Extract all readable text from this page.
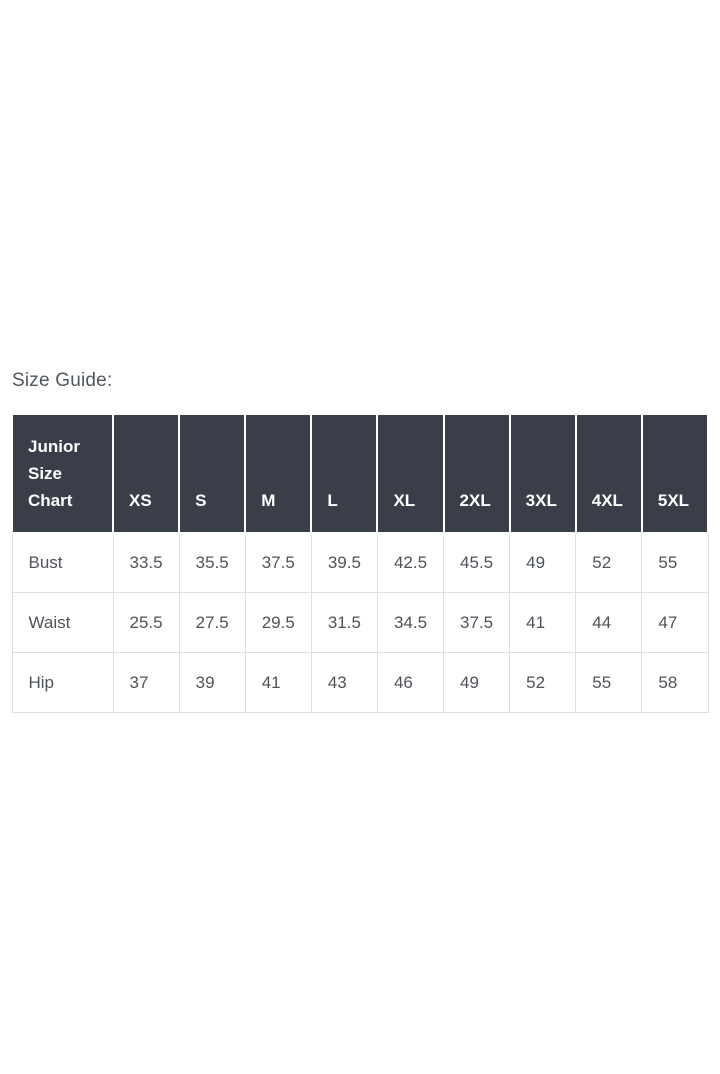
Size Guide:
Junior Size Chart	XS	S	M	L	XL	2XL	3XL	4XL	5XL
Bust	33.5	35.5	37.5	39.5	42.5	45.5	49	52	55
Waist	25.5	27.5	29.5	31.5	34.5	37.5	41	44	47
Hip	37	39	41	43	46	49	52	55	58
